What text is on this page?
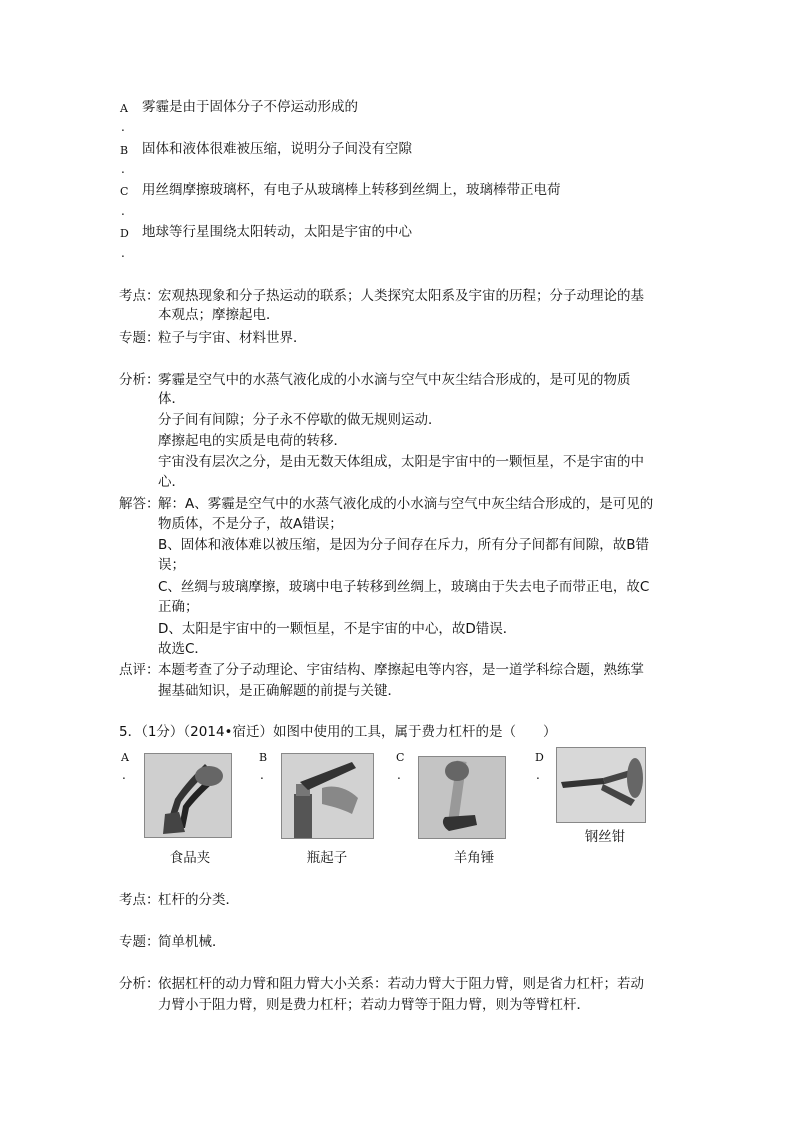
A 雾霾是由于固体分子不停运动形成的
.
B 固体和液体很难被压缩，说明分子间没有空隙
.
C 用丝绸摩擦玻璃杯，有电子从玻璃棒上转移到丝绸上，玻璃棒带正电荷
.
D 地球等行星围绕太阳转动，太阳是宇宙的中心
.
考点：
宏观热现象和分子热运动的联系；人类探究太阳系及宇宙的历程；分子动理论的基
本观点；摩擦起电．
专题：
粒子与宇宙、材料世界．
分析：
雾霾是空气中的水蒸气液化成的小水滴与空气中灰尘结合形成的，是可见的物质
体．
分子间有间隙；分子永不停歇的做无规则运动．
摩擦起电的实质是电荷的转移．
宇宙没有层次之分，是由无数天体组成，太阳是宇宙中的一颗恒星，不是宇宙的中
心．
解答：
解：A、雾霾是空气中的水蒸气液化成的小水滴与空气中灰尘结合形成的，是可见的
物质体，不是分子，故A错误；
B、固体和液体难以被压缩，是因为分子间存在斥力，所有分子间都有间隙，故B错
误；
C、丝绸与玻璃摩擦，玻璃中电子转移到丝绸上，玻璃由于失去电子而带正电，故C
正确；
D、太阳是宇宙中的一颗恒星，不是宇宙的中心，故D错误．
故选C．
点评：
本题考查了分子动理论、宇宙结构、摩擦起电等内容，是一道学科综合题，熟练掌
握基础知识，是正确解题的前提与关键．
5．（1分）（2014•宿迁）如图中使用的工具，属于费力杠杆的是（　　）
A
.
食品夹
B
.
瓶起子
C
.
羊角锤
D
.
钢丝钳
考点：
杠杆的分类．
专题：
简单机械．
分析：
依据杠杆的动力臂和阻力臂大小关系：若动力臂大于阻力臂，则是省力杠杆；若动
力臂小于阻力臂，则是费力杠杆；若动力臂等于阻力臂，则为等臂杠杆．
